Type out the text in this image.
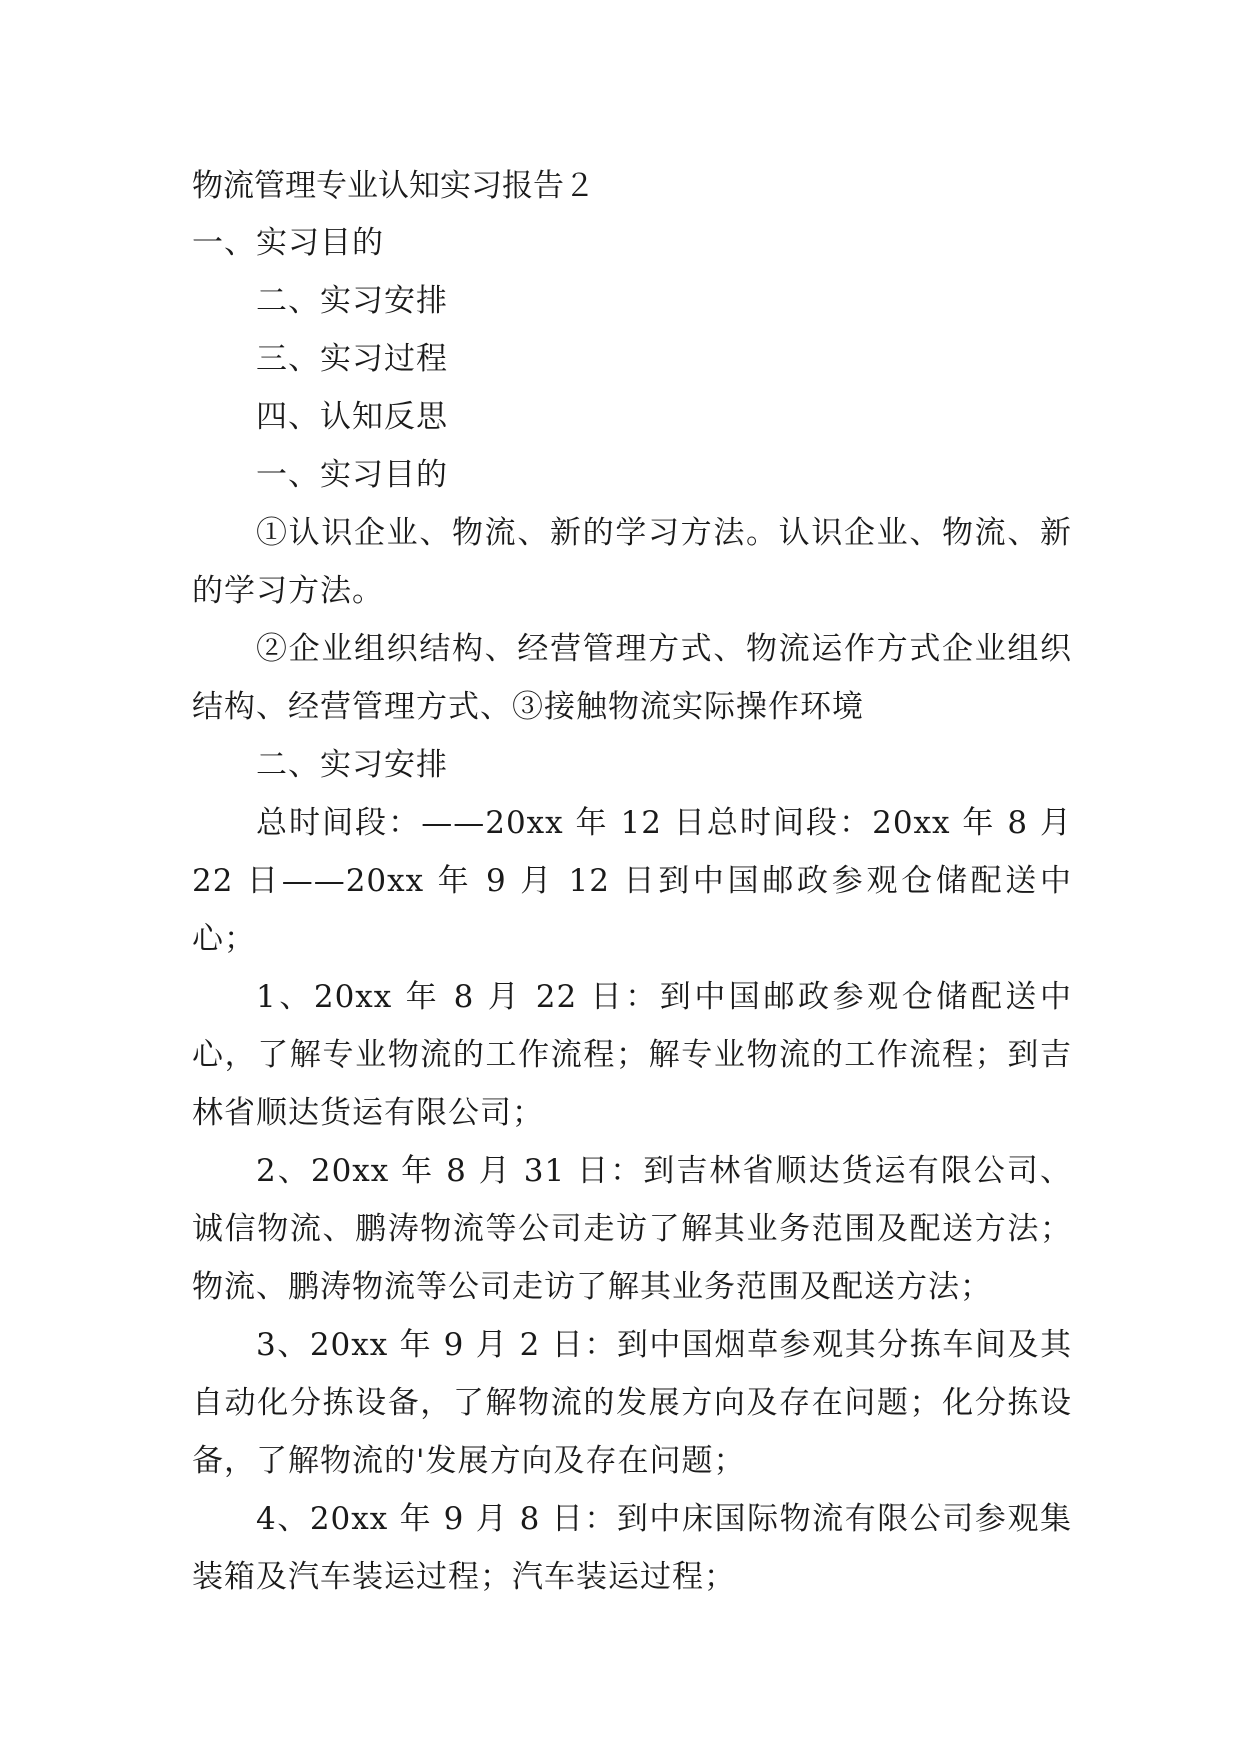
物流管理专业认知实习报告２

一、实习目的

二、实习安排

三、实习过程

四、认知反思

一、实习目的

①认识企业、物流、新的学习方法。认识企业、物流、新的学习方法。

②企业组织结构、经营管理方式、物流运作方式企业组织结构、经营管理方式、③接触物流实际操作环境

二、实习安排

总时间段：——20xx 年 12 日总时间段：20xx 年 8 月 22 日——20xx 年 9 月 12 日到中国邮政参观仓储配送中心；

1、20xx 年 8 月 22 日：到中国邮政参观仓储配送中心，了解专业物流的工作流程；解专业物流的工作流程；到吉林省顺达货运有限公司；

2、20xx 年 8 月 31 日：到吉林省顺达货运有限公司、诚信物流、鹏涛物流等公司走访了解其业务范围及配送方法；物流、鹏涛物流等公司走访了解其业务范围及配送方法；

3、20xx 年 9 月 2 日：到中国烟草参观其分拣车间及其自动化分拣设备，了解物流的发展方向及存在问题；化分拣设备，了解物流的'发展方向及存在问题；

4、20xx 年 9 月 8 日：到中床国际物流有限公司参观集装箱及汽车装运过程；汽车装运过程；
